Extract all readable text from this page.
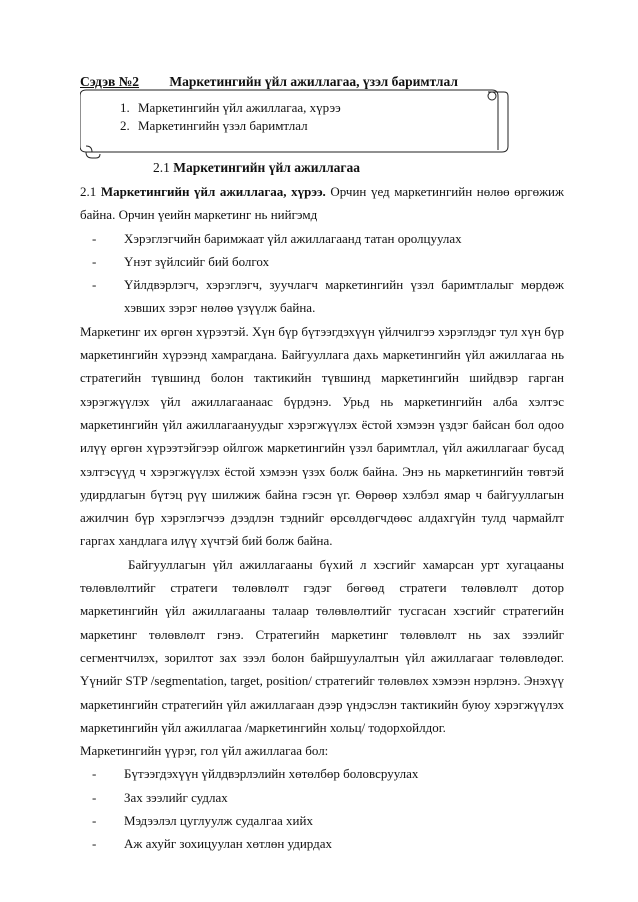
Сэдэв №2 Маркетингийн үйл ажиллагаа, үзэл баримтлал
1. Маркетингийн үйл ажиллагаа, хүрээ
2. Маркетингийн үзэл баримтлал
2.1 Маркетингийн үйл ажиллагаа

2.1 Маркетингийн үйл ажиллагаа, хүрээ. Орчин үед маркетингийн нөлөө өргөжиж байна. Орчин үеийн маркетинг нь нийгэмд

- Хэрэглэгчийн баримжаат үйл ажиллагаанд татан оролцуулах
- Үнэт зүйлсийг бий болгох
- Үйлдвэрлэгч, хэрэглэгч, зуучлагч маркетингийн үзэл баримтлалыг мөрдөж хэвших зэрэг нөлөө үзүүлж байна.

Маркетинг их өргөн хүрээтэй. Хүн бүр бүтээгдэхүүн үйлчилгээ хэрэглэдэг тул хүн бүр маркетингийн хүрээнд хамрагдана. Байгууллага дахь маркетингийн үйл ажиллагаа нь стратегийн түвшинд болон тактикийн түвшинд маркетингийн шийдвэр гарган хэрэгжүүлэх үйл ажиллагаанаас бүрдэнэ. Урьд нь маркетингийн алба хэлтэс маркетингийн үйл ажиллагаануудыг хэрэгжүүлэх ёстой хэмээн үздэг байсан бол одоо илүү өргөн хүрээтэйгээр ойлгож маркетингийн үзэл баримтлал, үйл ажиллагааг бусад хэлтэсүүд ч хэрэгжүүлэх ёстой хэмээн үзэх болж байна. Энэ нь маркетингийн төвтэй удирдлагын бүтэц рүү шилжиж байна гэсэн үг. Өөрөөр хэлбэл ямар ч байгууллагын ажилчин бүр хэрэглэгчээ дээдлэн тэднийг өрсөлдөгчдөөс алдахгүйн тулд чармайлт гаргах хандлага илүү хүчтэй бий болж байна.

Байгууллагын үйл ажиллагааны бүхий л хэсгийг хамарсан урт хугацааны төлөвлөлтийг стратеги төлөвлөлт гэдэг бөгөөд стратеги төлөвлөлт дотор маркетингийн үйл ажиллагааны талаар төлөвлөлтийг тусгасан хэсгийг стратегийн маркетинг төлөвлөлт гэнэ. Стратегийн маркетинг төлөвлөлт нь зах зээлийг сегментчилэх, зорилтот зах зээл болон байршуулалтын үйл ажиллагааг төлөвлөдөг. Үүнийг STP /segmentation, target, position/ стратегийг төлөвлөх хэмээн нэрлэнэ. Энэхүү маркетингийн стратегийн үйл ажиллагаан дээр үндэслэн тактикийн буюу хэрэгжүүлэх маркетингийн үйл ажиллагаа /маркетингийн хольц/ тодорхойлдог.

Маркетингийн үүрэг, гол үйл ажиллагаа бол:

- Бүтээгдэхүүн үйлдвэрлэлийн хөтөлбөр боловсруулах
- Зах зээлийг судлах
- Мэдээлэл цуглуулж судалгаа хийх
- Аж ахуйг зохицуулан хөтлөн удирдах
